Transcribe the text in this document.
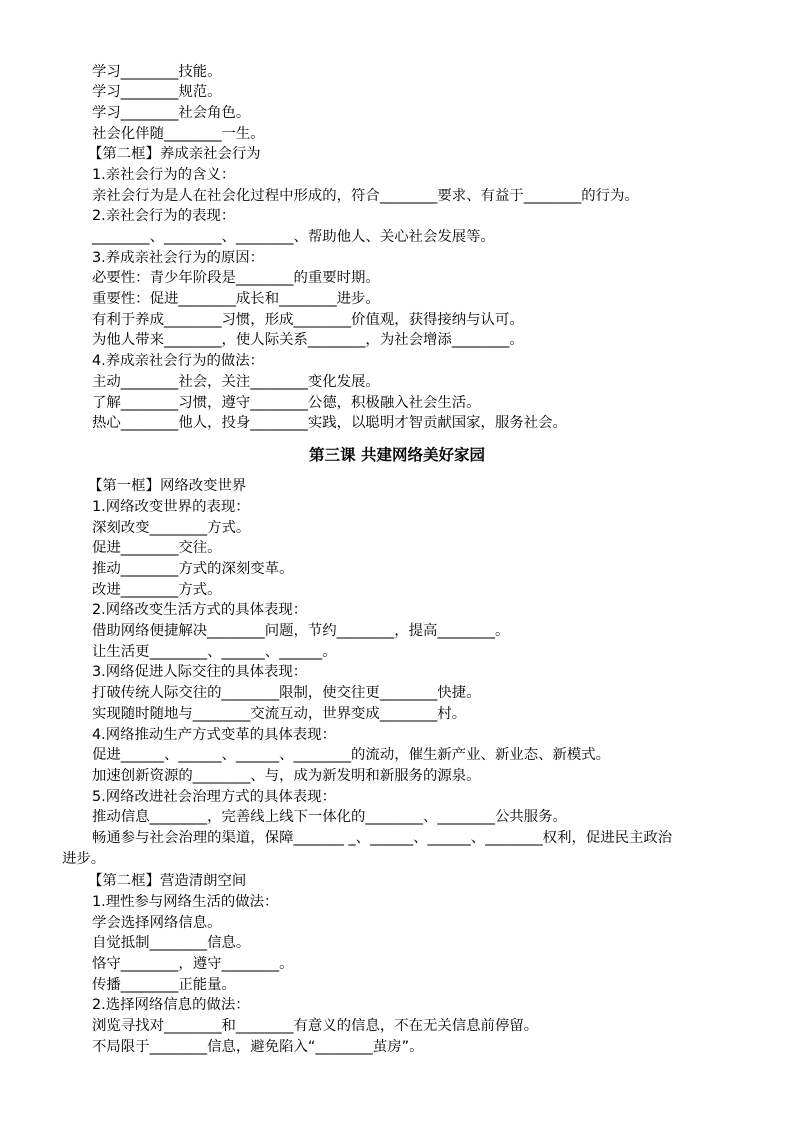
学习________技能。
学习________规范。
学习________社会角色。
社会化伴随________一生。
【第二框】养成亲社会行为
1.亲社会行为的含义：
亲社会行为是人在社会化过程中形成的，符合________要求、有益于________的行为。
2.亲社会行为的表现：
________、________、________、帮助他人、关心社会发展等。
3.养成亲社会行为的原因：
必要性：青少年阶段是________的重要时期。
重要性：促进________成长和________进步。
有利于养成________习惯，形成________价值观，获得接纳与认可。
为他人带来________，使人际关系________，为社会增添________。
4.养成亲社会行为的做法：
主动________社会，关注________变化发展。
了解________习惯，遵守________公德，积极融入社会生活。
热心________他人，投身________实践，以聪明才智贡献国家，服务社会。
第三课 共建网络美好家园
【第一框】网络改变世界
1.网络改变世界的表现：
深刻改变________方式。
促进________交往。
推动________方式的深刻变革。
改进________方式。
2.网络改变生活方式的具体表现：
借助网络便捷解决________问题，节约________，提高________。
让生活更________、______、______。
3.网络促进人际交往的具体表现：
打破传统人际交往的________限制，使交往更________快捷。
实现随时随地与________交流互动，世界变成________村。
4.网络推动生产方式变革的具体表现：
促进______、______、______、________的流动，催生新产业、新业态、新模式。
加速创新资源的________、与，成为新发明和新服务的源泉。
5.网络改进社会治理方式的具体表现：
推动信息________，完善线上线下一体化的________、________公共服务。
畅通参与社会治理的渠道，保障_______ _、______、______、________权利，促进民主政治
进步。
【第二框】营造清朗空间
1.理性参与网络生活的做法：
学会选择网络信息。
自觉抵制________信息。
恪守________，遵守________。
传播________正能量。
2.选择网络信息的做法：
浏览寻找对________和________有意义的信息，不在无关信息前停留。
不局限于________信息，避免陷入“________茧房”。
